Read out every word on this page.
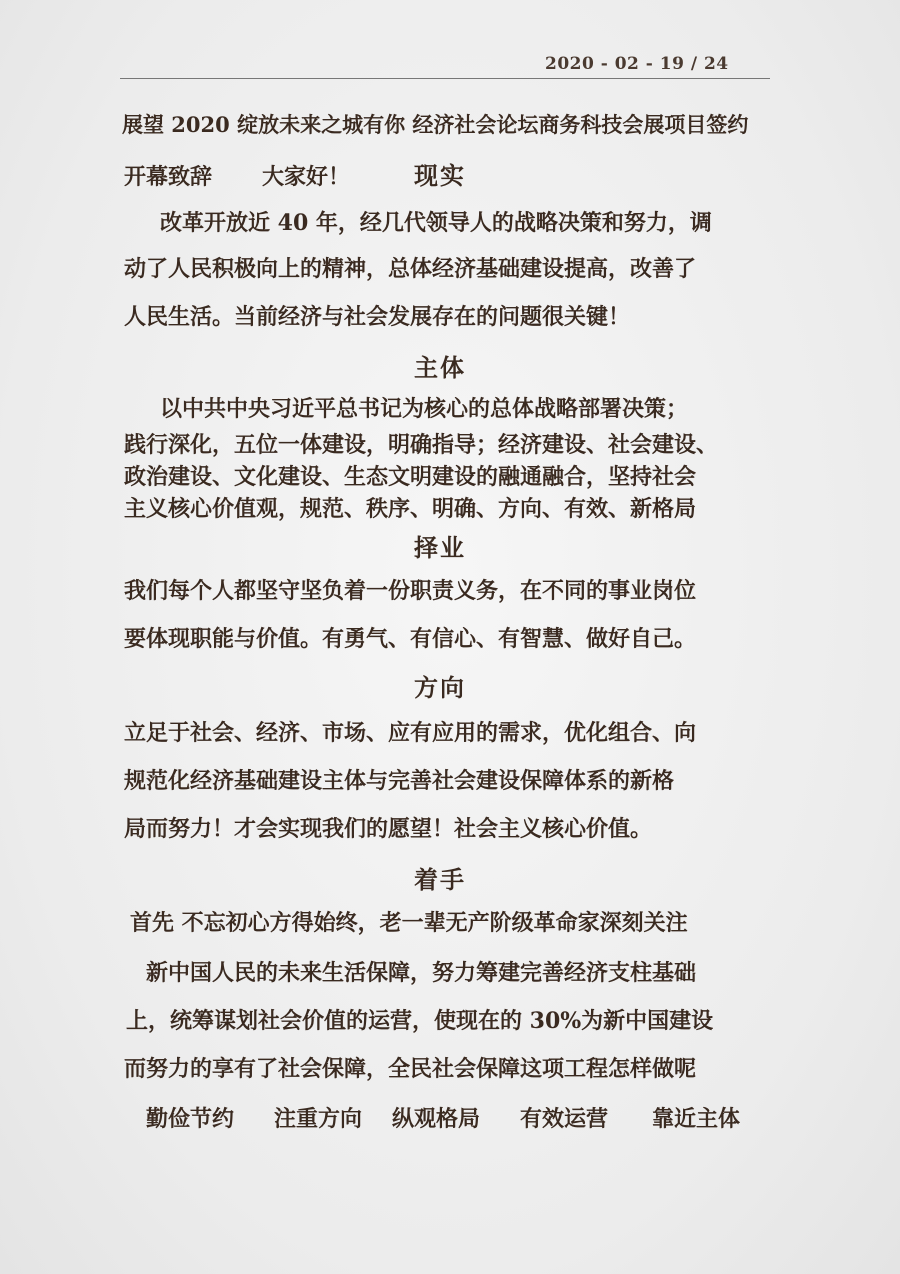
2020 - 02 - 19 / 24
展望 2020 绽放未来之城有你 经济社会论坛商务科技会展项目签约
开幕致辞 大家好！	现实
改革开放近 40 年，经几代领导人的战略决策和努力，调
动了人民积极向上的精神，总体经济基础建设提高，改善了
人民生活。当前经济与社会发展存在的问题很关键！
主体
以中共中央习近平总书记为核心的总体战略部署决策；
践行深化，五位一体建设，明确指导；经济建设、社会建设、
政治建设、文化建设、生态文明建设的融通融合，坚持社会
主义核心价值观，规范、秩序、明确、方向、有效、新格局
择业
我们每个人都坚守坚负着一份职责义务，在不同的事业岗位
要体现职能与价值。有勇气、有信心、有智慧、做好自己。
方向
立足于社会、经济、市场、应有应用的需求，优化组合、向
规范化经济基础建设主体与完善社会建设保障体系的新格
局而努力！才会实现我们的愿望！社会主义核心价值。
着手
首先 不忘初心方得始终，老一辈无产阶级革命家深刻关注
新中国人民的未来生活保障，努力筹建完善经济支柱基础
上，统筹谋划社会价值的运营，使现在的 30%为新中国建设
而努力的享有了社会保障，全民社会保障这项工程怎样做呢
勤俭节约 注重方向 纵观格局 有效运营 靠近主体
